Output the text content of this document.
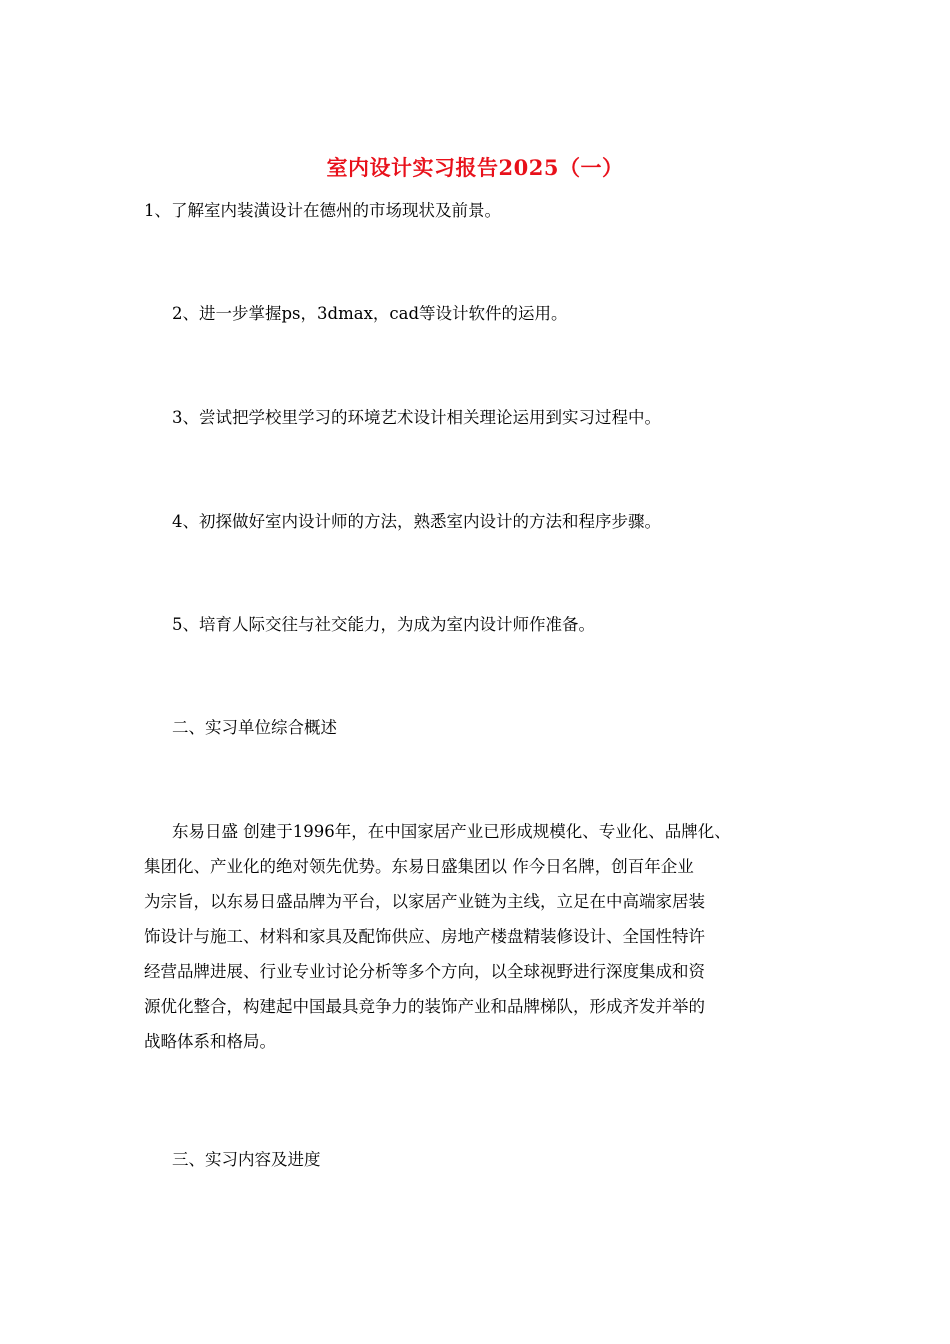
室内设计实习报告2025（一）

1、了解室内装潢设计在德州的市场现状及前景。

2、进一步掌握ps，3dmax，cad等设计软件的运用。

3、尝试把学校里学习的环境艺术设计相关理论运用到实习过程中。

4、初探做好室内设计师的方法，熟悉室内设计的方法和程序步骤。

5、培育人际交往与社交能力，为成为室内设计师作准备。

二、实习单位综合概述

东易日盛 创建于1996年，在中国家居产业已形成规模化、专业化、品牌化、

集团化、产业化的绝对领先优势。东易日盛集团以 作今日名牌，创百年企业

为宗旨，以东易日盛品牌为平台，以家居产业链为主线，立足在中高端家居装

饰设计与施工、材料和家具及配饰供应、房地产楼盘精装修设计、全国性特许

经营品牌进展、行业专业讨论分析等多个方向，以全球视野进行深度集成和资

源优化整合，构建起中国最具竞争力的装饰产业和品牌梯队，形成齐发并举的

战略体系和格局。

三、实习内容及进度
